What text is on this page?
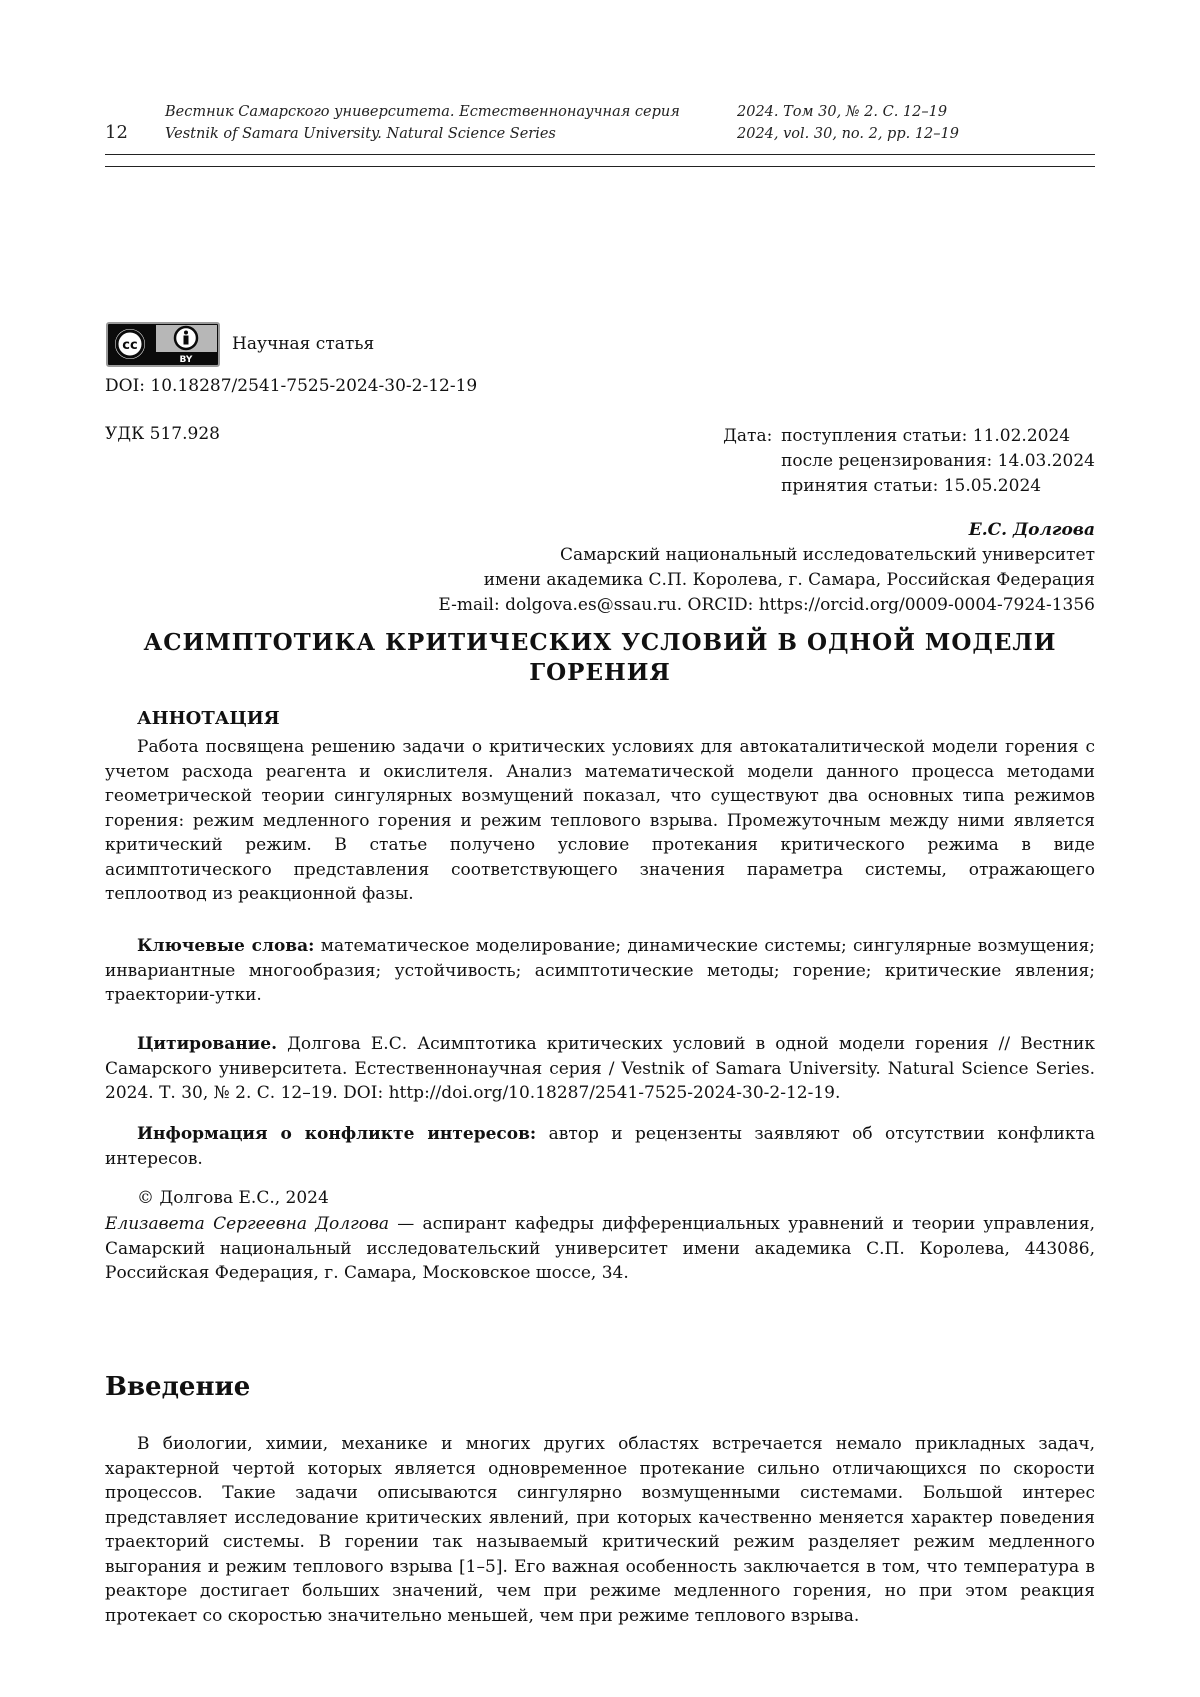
12
Вестник Самарского университета. Естественнонаучная серия
Vestnik of Samara University. Natural Science Series
2024. Том 30, № 2. С. 12–19
2024, vol. 30, no. 2, pp. 12–19
cc
BY
Научная статья
DOI: 10.18287/2541-7525-2024-30-2-12-19
УДК 517.928	Дата: поступления статьи: 11.02.2024
после рецензирования: 14.03.2024
принятия статьи: 15.05.2024
Е.С. Долгова
Самарский национальный исследовательский университет
имени академика С.П. Королева, г. Самара, Российская Федерация
E-mail: dolgova.es@ssau.ru. ORCID: https://orcid.org/0009-0004-7924-1356
АСИМПТОТИКА КРИТИЧЕСКИХ УСЛОВИЙ В ОДНОЙ МОДЕЛИ
ГОРЕНИЯ
АННОТАЦИЯ

Работа посвящена решению задачи о критических условиях для автокаталитической модели горения с учетом расхода реагента и окислителя. Анализ математической модели данного процесса методами геометрической теории сингулярных возмущений показал, что существуют два основных типа режимов горения: режим медленного горения и режим теплового взрыва. Промежуточным между ними является критический режим. В статье получено условие протекания критического режима в виде асимптотического представления соответствующего значения параметра системы, отражающего теплоотвод из реакционной фазы.

Ключевые слова: математическое моделирование; динамические системы; сингулярные возмущения; инвариантные многообразия; устойчивость; асимптотические методы; горение; критические явления; траектории-утки.

Цитирование. Долгова Е.С. Асимптотика критических условий в одной модели горения // Вестник Самарского университета. Естественнонаучная серия / Vestnik of Samara University. Natural Science Series. 2024. Т. 30, № 2. С. 12–19. DOI: http://doi.org/10.18287/2541-7525-2024-30-2-12-19.

Информация о конфликте интересов: автор и рецензенты заявляют об отсутствии конфликта интересов.

© Долгова Е.С., 2024

Елизавета Сергеевна Долгова — аспирант кафедры дифференциальных уравнений и теории управления, Самарский национальный исследовательский университет имени академика С.П. Королева, 443086, Российская Федерация, г. Самара, Московское шоссе, 34.

Введение

В биологии, химии, механике и многих других областях встречается немало прикладных задач, характерной чертой которых является одновременное протекание сильно отличающихся по скорости процессов. Такие задачи описываются сингулярно возмущенными системами. Большой интерес представляет исследование критических явлений, при которых качественно меняется характер поведения траекторий системы. В горении так называемый критический режим разделяет режим медленного выгорания и режим теплового взрыва [1–5]. Его важная особенность заключается в том, что температура в реакторе достигает больших значений, чем при режиме медленного горения, но при этом реакция протекает со скоростью значительно меньшей, чем при режиме теплового взрыва.
